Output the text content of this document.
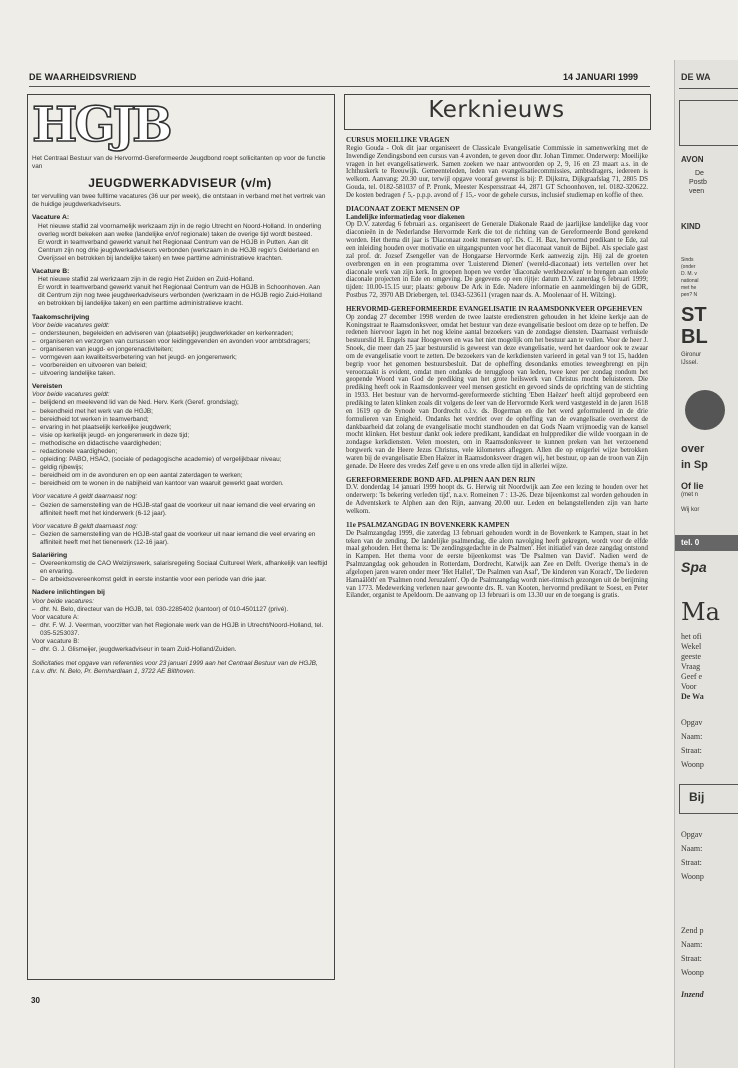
DE WAARHEIDSVRIEND	14 JANUARI 1999
HGJB

Het Centraal Bestuur van de Hervormd-Gereformeerde Jeugdbond roept sollicitanten op voor de functie van

JEUGDWERKADVISEUR (v/m)

ter vervulling van twee fulltime vacatures (36 uur per week), die ontstaan in verband met het vertrek van de huidige jeugdwerkadviseurs.

Vacature A:

Het nieuwe staflid zal voornamelijk werkzaam zijn in de regio Utrecht en Noord-Holland. In onderling overleg wordt bekeken aan welke (landelijke en/of regionale) taken de overige tijd wordt besteed.

Er wordt in teamverband gewerkt vanuit het Regionaal Centrum van de HGJB in Putten. Aan dit Centrum zijn nog drie jeugdwerkadviseurs verbonden (werkzaam in de HGJB regio's Gelderland en Overijssel en betrokken bij landelijke taken) en twee parttime administratieve krachten.

Vacature B:

Het nieuwe staflid zal werkzaam zijn in de regio Het Zuiden en Zuid-Holland.

Er wordt in teamverband gewerkt vanuit het Regionaal Centrum van de HGJB in Schoonhoven. Aan dit Centrum zijn nog twee jeugdwerkadviseurs verbonden (werkzaam in de HGJB regio Zuid-Holland en betrokken bij landelijke taken) en een parttime administratieve kracht.

Taakomschrijving

Voor beide vacatures geldt:

– ondersteunen, begeleiden en adviseren van (plaatselijk) jeugdwerkkader en kerkenraden;
– organiseren en verzorgen van cursussen voor leidinggevenden en avonden voor ambtsdragers;
– organiseren van jeugd- en jongerenactiviteiten;
– vormgeven aan kwaliteitsverbetering van het jeugd- en jongerenwerk;
– voorbereiden en uitvoeren van beleid;
– uitvoering landelijke taken.
Vereisten

Voor beide vacatures geldt:

– belijdend en meelevend lid van de Ned. Herv. Kerk (Geref. grondslag);
– bekendheid met het werk van de HGJB;
– bereidheid tot werken in teamverband;
– ervaring in het plaatselijk kerkelijke jeugdwerk;
– visie op kerkelijk jeugd- en jongerenwerk in deze tijd;
– methodische en didactische vaardigheden;
– redactionele vaardigheden;
– opleiding: PABO, HSAO, (sociale of pedagogische academie) of vergelijkbaar niveau;
– geldig rijbewijs;
– bereidheid om in de avonduren en op een aantal zaterdagen te werken;
– bereidheid om te wonen in de nabijheid van kantoor van waaruit gewerkt gaat worden.

Voor vacature A geldt daarnaast nog:

– Gezien de samenstelling van de HGJB-staf gaat de voorkeur uit naar iemand die veel ervaring en affiniteit heeft met het kinderwerk (6-12 jaar).

Voor vacature B geldt daarnaast nog:

– Gezien de samenstelling van de HGJB-staf gaat de voorkeur uit naar iemand die veel ervaring en affiniteit heeft met het tienerwerk (12-16 jaar).
Salariëring
– Overeenkomstig de CAO Welzijnswerk, salarisregeling Sociaal Cultureel Werk, afhankelijk van leeftijd en ervaring.
– De arbeidsovereenkomst geldt in eerste instantie voor een periode van drie jaar.
Nadere inlichtingen bij

Voor beide vacatures:

– dhr. N. Belo, directeur van de HGJB, tel. 030-2285402 (kantoor) of 010-4501127 (privé).

Voor vacature A:

– dhr. F. W. J. Veerman, voorzitter van het Regionale werk van de HGJB in Utrecht/Noord-Holland, tel. 035-5253037.

Voor vacature B:

– dhr. G. J. Glismeijer, jeugdwerkadviseur in team Zuid-Holland/Zuiden.

Sollicitaties met opgave van referenties voor 23 januari 1999 aan het Centraal Bestuur van de HGJB, t.a.v. dhr. N. Belo, Pr. Bernhardlaan 1, 3722 AE Bilthoven.

30
Kerknieuws
CURSUS MOEILIJKE VRAGEN

Regio Gouda - Ook dit jaar organiseert de Classicale Evangelisatie Commissie in samenwerking met de Inwendige Zendingsbond een cursus van 4 avonden, te geven door dhr. Johan Timmer. Onderwerp: Moeilijke vragen in het evangelisatiewerk. Samen zoeken we naar antwoorden op 2, 9, 16 en 23 maart a.s. in de Ichthuskerk te Reeuwijk. Gemeenteleden, leden van evangelisatiecommissies, ambtsdragers, iedereen is welkom. Aanvang: 20.30 uur, terwijl opgave vooraf gewenst is bij: P. Dijkstra, Dijkgraafslag 71, 2805 DS Gouda, tel. 0182-581037 of P. Pronk, Meester Kespersstraat 44, 2871 GT Schoonhoven, tel. 0182-320622. De kosten bedragen ƒ 5,- p.p.p. avond of ƒ 15,- voor de gehele cursus, inclusief studiemap en koffie of thee.

DIACONAAT ZOEKT MENSEN OP
Landelijke informatiedag voor diakenen

Op D.V. zaterdag 6 februari a.s. organiseert de Generale Diakonale Raad de jaarlijkse landelijke dag voor diaconieën in de Nederlandse Hervormde Kerk die tot de richting van de Gereformeerde Bond gerekend worden. Het thema dit jaar is 'Diaconaat zoekt mensen op'. Ds. C. H. Bax, hervormd predikant te Ede, zal een inleiding houden over motivatie en uitgangspunten voor het diaconaat vanuit de Bijbel. Als speciale gast zal prof. dr. Jozsef Zsengeller van de Hongaarse Hervormde Kerk aanwezig zijn. Hij zal de groeten overbrengen en in een programma over 'Luisterend Dienen' (wereld-diaconaat) iets vertellen over het diaconale werk van zijn kerk. In groepen hopen we verder 'diaconale werkbezoeken' te brengen aan enkele diaconale projecten in Ede en omgeving. De gegevens op een rijtje: datum D.V. zaterdag 6 februari 1999; tijden: 10.00-15.15 uur; plaats: gebouw De Ark in Ede. Nadere informatie en aanmeldingen bij de GDR, Postbus 72, 3970 AB Driebergen, tel. 0343-523611 (vragen naar ds. A. Moolenaar of H. Wilzing).

HERVORMD-GEREFORMEERDE EVANGELISATIE IN RAAMSDONKVEER OPGEHEVEN

Op zondag 27 december 1998 werden de twee laatste eredienstren gehouden in het kleine kerkje aan de Koningstraat te Raamsdonksveer, omdat het bestuur van deze evangelisatie besloot om deze op te heffen. De redenen hiervoor lagen in het nog kleine aantal bezoekers van de zondagse diensten. Daarnaast verhuisde bestuurslid H. Engels naar Hoogeveen en was het niet mogelijk om het bestuur aan te vullen. Voor de heer J. Snoek, die meer dan 25 jaar bestuurslid is geweest van deze evangelisatie, werd het daardoor ook te zwaar om de evangelisatie voort te zetten. De bezoekers van de kerkdiensten varieerd in getal van 9 tot 15, hadden begrip voor het genomen bestuursbesluit. Dat de opheffing desondanks emoties teweegbrengt en pijn veroorzaakt is evident, omdat men ondanks de teruggloop van leden, twee keer per zondag rondom het geopende Woord van God de prediking van het grote heilswerk van Christus mocht beluisteren. Die prediking heeft ook in Raamsdonksveer veel mensen gesticht en gevoed sinds de oprichting van de stichting in 1933. Het bestuur van de hervormd-gereformeerde stichting 'Eben Haëzer' heeft altijd geprobeerd een prediking te laten klinken zoals dit volgens de leer van de Hervormde Kerk werd vastgesteld in de jaren 1618 en 1619 op de Synode van Dordrecht o.l.v. ds. Bogerman en die het werd geformuleerd in de drie formulieren van Enigheid. Ondanks het verdriet over de opheffing van de evangelisatie overheerst de dankbaarheid dat zolang de evangelisatie mocht standhouden en dat Gods Naam vrijmoedig van de kansel mocht klinken. Het bestuur dankt ook iedere predikant, kandidaat en hulpprediker die wilde voorgaan in de zondagse kerkdiensten. Velen moesten, om in Raamsdonksveer te kunnen preken van het verzoenend borgwerk van de Heere Jezus Christus, vele kilometers afleggen. Allen die op enigerlei wijze betrokken waren bij de evangelisatie Eben Haëzer in Raamsdonksveer dragen wij, het bestuur, op aan de troon van Zijn genade. De Heere des vredes Zelf geve u en ons vrede allen tijd in allerlei wijze.

GEREFORMEERDE BOND AFD. ALPHEN AAN DEN RIJN

D.V. donderdag 14 januari 1999 hoopt ds. G. Herwig uit Noordwijk aan Zee een lezing te houden over het onderwerp: 'Is bekering verleden tijd', n.a.v. Romeinen 7 : 13-26. Deze bijeenkomst zal worden gehouden in de Adventskerk te Alphen aan den Rijn, aanvang 20.00 uur. Leden en belangstellenden zijn van harte welkom.

11e PSALMZANGDAG IN BOVENKERK KAMPEN

De Psalmzangdag 1999, die zaterdag 13 februari gehouden wordt in de Bovenkerk te Kampen, staat in het teken van de zending. De landelijke psalmendag, die alom navolging heeft gekregen, wordt voor de elfde maal gehouden. Het thema is: 'De zendingsgedachte in de Psalmen'. Het initiatief van deze zangdag ontstond in Kampen. Het thema voor de eerste bijeenkomst was 'De Psalmen van David'. Nadien werd de Psalmzangdag ook gehouden in Rotterdam, Dordrecht, Katwijk aan Zee en Delft. Overige thema's in de afgelopen jaren waren onder meer 'Het Hallel', 'De Psalmen van Asaf', 'De kinderen van Korach', 'De liederen Hamaälôth' en 'Psalmen rond Jeruzalem'. Op de Psalmzangdag wordt niet-ritmisch gezongen uit de berijming van 1773. Medewerking verlenen naar gewoonte drs. R. van Kooten, hervormd predikant te Soest, en Peter Eilander, organist te Apeldoorn. De aanvang op 13 februari is om 13.30 uur en de toegang is gratis.

DE WA
AVON
De
Postb
veen
KIND
Sinds
(onder
D. M. v
national
met he
pen? N
ST
BL
Gironur
IJssel.
over
in Sp
Of lie
(met n
Wij kor
tel. 0
Spa
Ma
het ofi
Wekel
geeste
Vraag
Geef e
Voor
De Wa
Opgav
Naam:
Straat:
Woonp
Bij
Opgav
Naam:
Straat:
Woonp
Zend p
Naam:
Straat:
Woonp
Inzend
